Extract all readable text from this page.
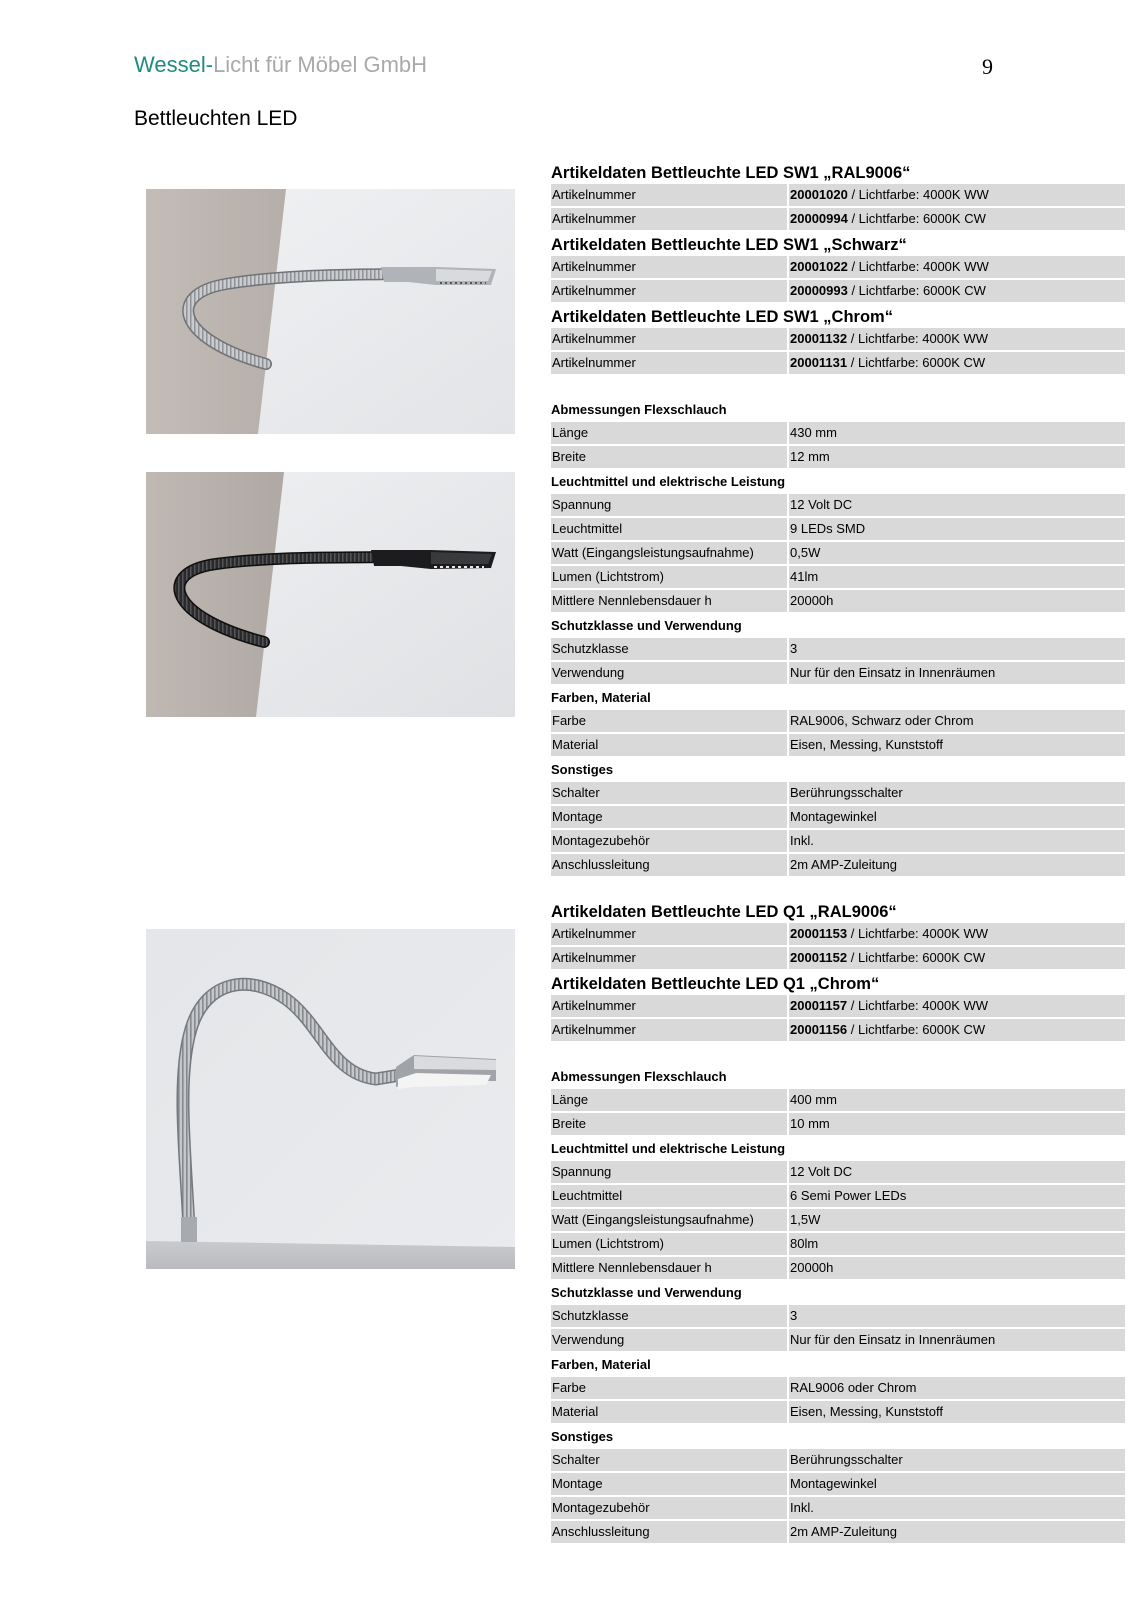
Wessel-Licht für Möbel GmbH	9
Bettleuchten LED
Artikeldaten Bettleuchte LED SW1 „RAL9006“
Artikelnummer	20001020 / Lichtfarbe: 4000K WW
Artikelnummer	20000994 / Lichtfarbe: 6000K CW
Artikeldaten Bettleuchte LED SW1 „Schwarz“
Artikelnummer	20001022 / Lichtfarbe: 4000K WW
Artikelnummer	20000993 / Lichtfarbe: 6000K CW
Artikeldaten Bettleuchte LED SW1 „Chrom“
Artikelnummer	20001132 / Lichtfarbe: 4000K WW
Artikelnummer	20001131 / Lichtfarbe: 6000K CW
Abmessungen Flexschlauch
Länge	430 mm
Breite	12 mm
Leuchtmittel und elektrische Leistung
Spannung	12 Volt DC
Leuchtmittel	9 LEDs SMD
Watt (Eingangsleistungsaufnahme)	0,5W
Lumen (Lichtstrom)	41lm
Mittlere Nennlebensdauer h	20000h
Schutzklasse und Verwendung
Schutzklasse	3
Verwendung	Nur für den Einsatz in Innenräumen
Farben, Material
Farbe	RAL9006, Schwarz oder Chrom
Material	Eisen, Messing, Kunststoff
Sonstiges
Schalter	Berührungsschalter
Montage	Montagewinkel
Montagezubehör	Inkl.
Anschlussleitung	2m AMP-Zuleitung
Artikeldaten Bettleuchte LED Q1 „RAL9006“
Artikelnummer	20001153 / Lichtfarbe: 4000K WW
Artikelnummer	20001152 / Lichtfarbe: 6000K CW
Artikeldaten Bettleuchte LED Q1 „Chrom“
Artikelnummer	20001157 / Lichtfarbe: 4000K WW
Artikelnummer	20001156 / Lichtfarbe: 6000K CW
Abmessungen Flexschlauch
Länge	400 mm
Breite	10 mm
Leuchtmittel und elektrische Leistung
Spannung	12 Volt DC
Leuchtmittel	6 Semi Power LEDs
Watt (Eingangsleistungsaufnahme)	1,5W
Lumen (Lichtstrom)	80lm
Mittlere Nennlebensdauer h	20000h
Schutzklasse und Verwendung
Schutzklasse	3
Verwendung	Nur für den Einsatz in Innenräumen
Farben, Material
Farbe	RAL9006 oder Chrom
Material	Eisen, Messing, Kunststoff
Sonstiges
Schalter	Berührungsschalter
Montage	Montagewinkel
Montagezubehör	Inkl.
Anschlussleitung	2m AMP-Zuleitung
